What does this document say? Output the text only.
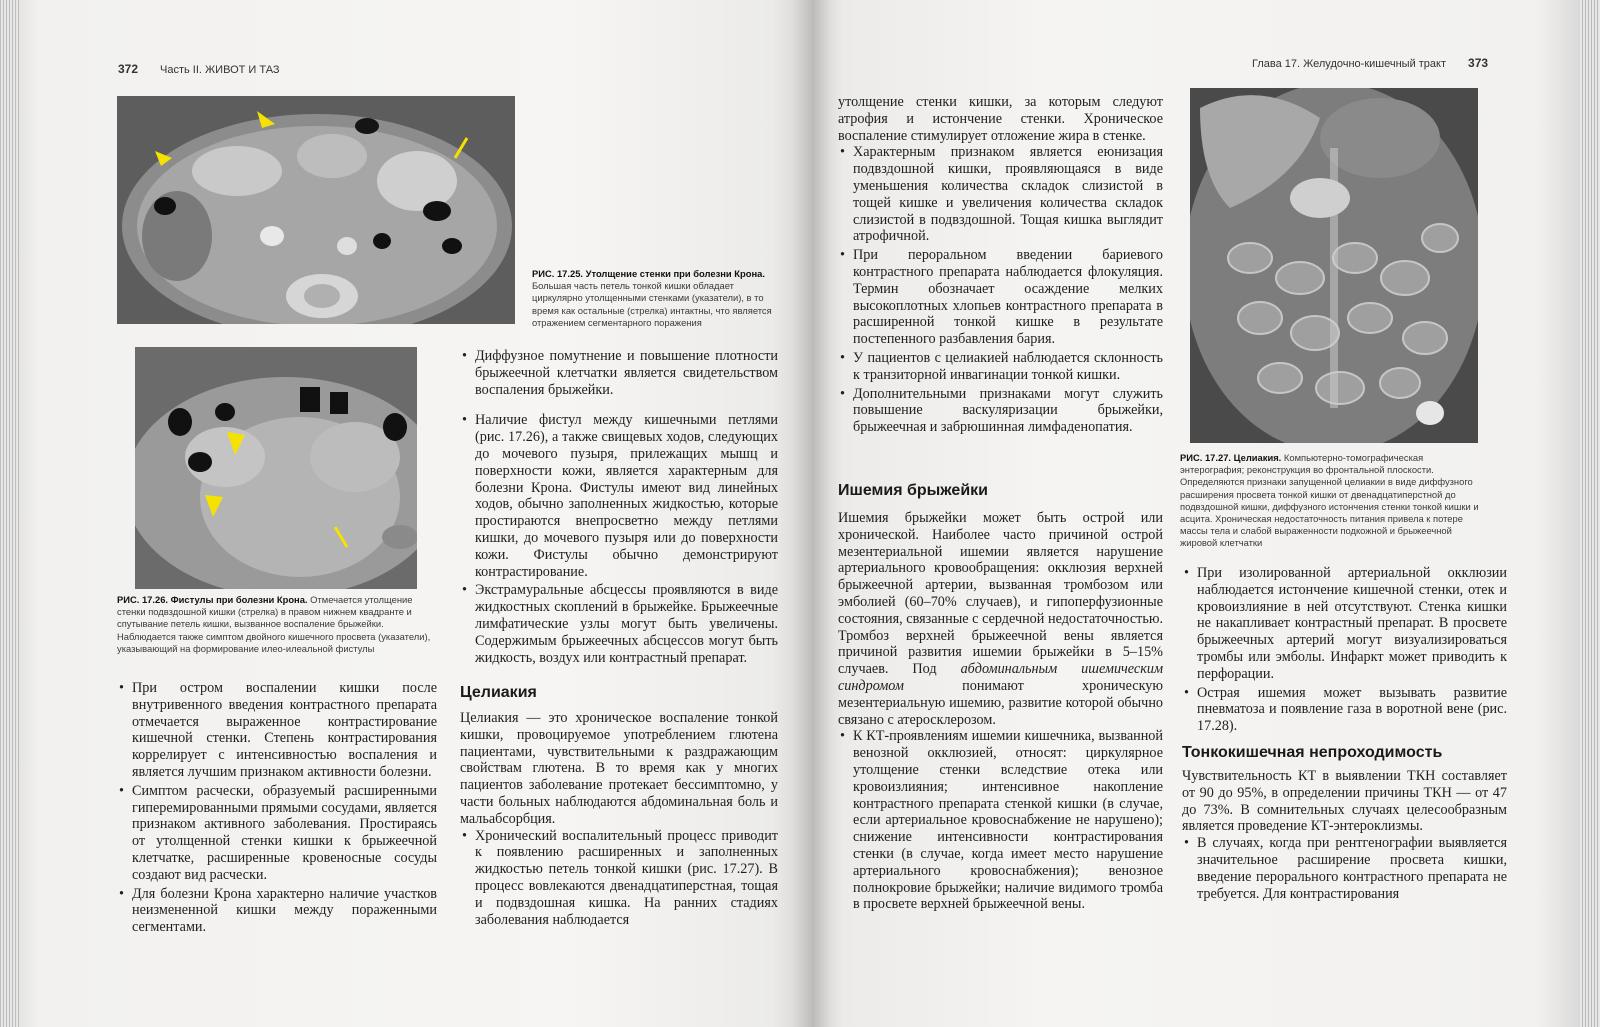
372 Часть II. ЖИВОТ И ТАЗ
РИС. 17.25. Утолщение стенки при болезни Крона. Большая часть петель тонкой кишки обладает циркулярно утолщенными стенками (указатели), в то время как остальные (стрелка) интактны, что является отражением сегментарного поражения
РИС. 17.26. Фистулы при болезни Крона. Отмечается утолщение стенки подвздошной кишки (стрелка) в правом нижнем квадранте и спутывание петель кишки, вызванное воспаление брыжейки. Наблюдается также симптом двойного кишечного просвета (указатели), указывающий на формирование илео-илеальной фистулы
• При остром воспалении кишки после внутривенного введения контрастного препарата отмечается выраженное контрастирование кишечной стенки. Степень контрастирования коррелирует с интенсивностью воспаления и является лучшим признаком активности болезни.
• Симптом расчески, образуемый расширенными гиперемированными прямыми сосудами, является признаком активного заболевания. Простираясь от утолщенной стенки кишки к брыжеечной клетчатке, расширенные кровеносные сосуды создают вид расчески.
• Для болезни Крона характерно наличие участков неизмененной кишки между пораженными сегментами.
• Диффузное помутнение и повышение плотности брыжеечной клетчатки является свидетельством воспаления брыжейки.
• Наличие фистул между кишечными петлями (рис. 17.26), а также свищевых ходов, следующих до мочевого пузыря, прилежащих мышц и поверхности кожи, является характерным для болезни Крона. Фистулы имеют вид линейных ходов, обычно заполненных жидкостью, которые простираются внепросветно между петлями кишки, до мочевого пузыря или до поверхности кожи. Фистулы обычно демонстрируют контрастирование.
• Экстрамуральные абсцессы проявляются в виде жидкостных скоплений в брыжейке. Брыжеечные лимфатические узлы могут быть увеличены. Содержимым брыжеечных абсцессов могут быть жидкость, воздух или контрастный препарат.
Целиакия

Целиакия — это хроническое воспаление тонкой кишки, провоцируемое употреблением глютена пациентами, чувствительными к раздражающим свойствам глютена. В то время как у многих пациентов заболевание протекает бессимптомно, у части больных наблюдаются абдоминальная боль и мальабсорбция.

• Хронический воспалительный процесс приводит к появлению расширенных и заполненных жидкостью петель тонкой кишки (рис. 17.27). В процесс вовлекаются двенадцатиперстная, тощая и подвздошная кишка. На ранних стадиях заболевания наблюдается
Глава 17. Желудочно-кишечный тракт 373

утолщение стенки кишки, за которым следуют атрофия и истончение стенки. Хроническое воспаление стимулирует отложение жира в стенке.

• Характерным признаком является еюнизация подвздошной кишки, проявляющаяся в виде уменьшения количества складок слизистой в тощей кишке и увеличения количества складок слизистой в подвздошной. Тощая кишка выглядит атрофичной.
• При пероральном введении бариевого контрастного препарата наблюдается флокуляция. Термин обозначает осаждение мелких высокоплотных хлопьев контрастного препарата в расширенной тонкой кишке в результате постепенного разбавления бария.
• У пациентов с целиакией наблюдается склонность к транзиторной инвагинации тонкой кишки.
• Дополнительными признаками могут служить повышение васкуляризации брыжейки, брыжеечная и забрюшинная лимфаденопатия.
Ишемия брыжейки

Ишемия брыжейки может быть острой или хронической. Наиболее часто причиной острой мезентериальной ишемии является нарушение артериального кровообращения: окклюзия верхней брыжеечной артерии, вызванная тромбозом или эмболией (60–70% случаев), и гипоперфузионные состояния, связанные с сердечной недостаточностью. Тромбоз верхней брыжеечной вены является причиной развития ишемии брыжейки в 5–15% случаев. Под абдоминальным ишемическим синдромом понимают хроническую мезентериальную ишемию, развитие которой обычно связано с атеросклерозом.

• К КТ-проявлениям ишемии кишечника, вызванной венозной окклюзией, относят: циркулярное утолщение стенки вследствие отека или кровоизлияния; интенсивное накопление контрастного препарата стенкой кишки (в случае, если артериальное кровоснабжение не нарушено); снижение интенсивности контрастирования стенки (в случае, когда имеет место нарушение артериального кровоснабжения); венозное полнокровие брыжейки; наличие видимого тромба в просвете верхней брыжеечной вены.
РИС. 17.27. Целиакия. Компьютерно-томографическая энтерография; реконструкция во фронтальной плоскости. Определяются признаки запущенной целиакии в виде диффузного расширения просвета тонкой кишки от двенадцатиперстной до подвздошной кишки, диффузного истончения стенки тонкой кишки и асцита. Хроническая недостаточность питания привела к потере массы тела и слабой выраженности подкожной и брыжеечной жировой клетчатки
• При изолированной артериальной окклюзии наблюдается истончение кишечной стенки, отек и кровоизлияние в ней отсутствуют. Стенка кишки не накапливает контрастный препарат. В просвете брыжеечных артерий могут визуализироваться тромбы или эмболы. Инфаркт может приводить к перфорации.
• Острая ишемия может вызывать развитие пневматоза и появление газа в воротной вене (рис. 17.28).
Тонкокишечная непроходимость

Чувствительность КТ в выявлении ТКН составляет от 90 до 95%, в определении причины ТКН — от 47 до 73%. В сомнительных случаях целесообразным является проведение КТ-энтероклизмы.

• В случаях, когда при рентгенографии выявляется значительное расширение просвета кишки, введение перорального контрастного препарата не требуется. Для контрастирования
